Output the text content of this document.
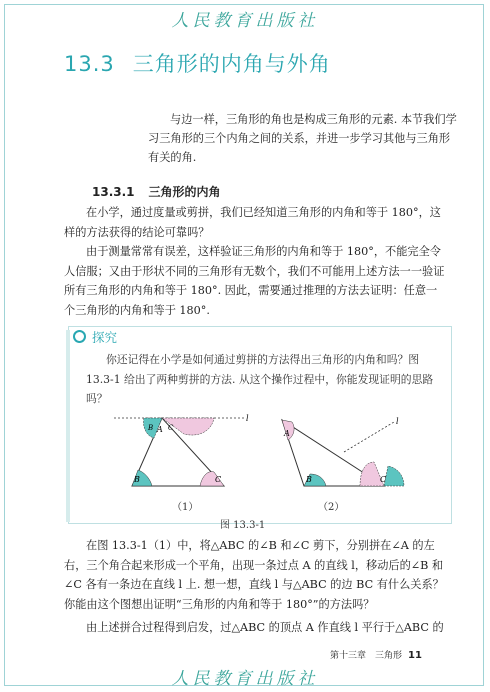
人民教育出版社
13.3 三角形的内角与外角
与边一样，三角形的角也是构成三角形的元素. 本节我们学习三角形的三个内角之间的关系，并进一步学习其他与三角形有关的角.
13.3.1 三角形的内角
在小学，通过度量或剪拼，我们已经知道三角形的内角和等于 180°，这样的方法获得的结论可靠吗？
由于测量常常有误差，这样验证三角形的内角和等于 180°，不能完全令人信服；又由于形状不同的三角形有无数个，我们不可能用上述方法一一验证所有三角形的内角和等于 180°. 因此，需要通过推理的方法去证明：任意一个三角形的内角和等于 180°.
探究
你还记得在小学是如何通过剪拼的方法得出三角形的内角和吗？图 13.3-1 给出了两种剪拼的方法. 从这个操作过程中，你能发现证明的思路吗？
A
B	C
C
B
l
A
B	C
l
（1）	（2）
图 13.3-1
在图 13.3-1（1）中，将△ABC 的∠B 和∠C 剪下，分别拼在∠A 的左右，三个角合起来形成一个平角，出现一条过点 A 的直线 l，移动后的∠B 和∠C 各有一条边在直线 l 上. 想一想，直线 l 与△ABC 的边 BC 有什么关系？你能由这个图想出证明“三角形的内角和等于 180°”的方法吗？
由上述拼合过程得到启发，过△ABC 的顶点 A 作直线 l 平行于△ABC 的
第十三章　三角形 11
人民教育出版社
